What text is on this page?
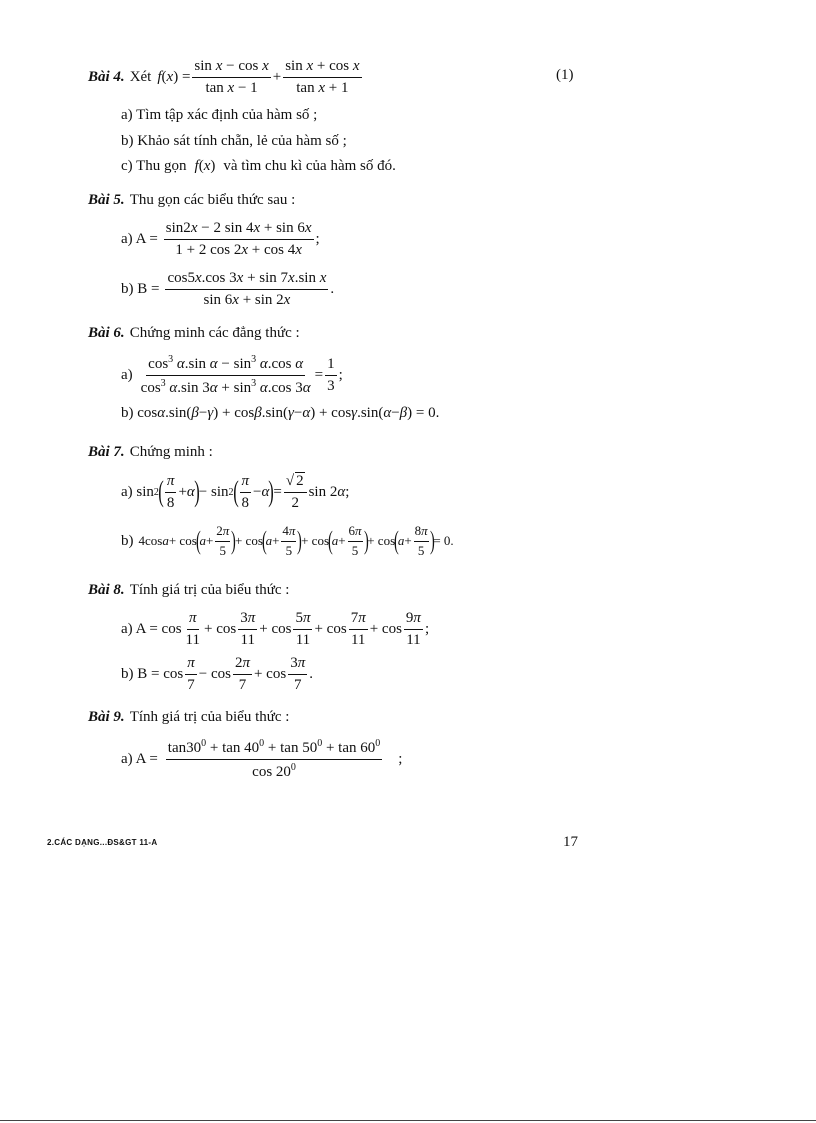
Bài 4. Xét f ( x ) = $\frac{\text{sin x − cos x}}{\text{tan x − 1}} + \frac{\text{sin x + cos x}}{\text{tan x + 1}}$	(1)
a) Tìm tập xác định của hàm số ;
b) Khảo sát tính chẵn, lẻ của hàm số ;
c) Thu gọn f(x) và tìm chu kì của hàm số đó.
Bài 5. Thu gọn các biểu thức sau :
a) $A = \frac{\sin 2x - 2 \sin 4x + \sin 6x}{1 + 2 \cos 2x + \cos 4x}$ ;
b) $B = \frac{\text{cos5x.cos 3x + sin 7x.sin x}}{\sin 6x + \sin 2x}$ .
Bài 6. Chứng minh các đẳng thức :
$a) \frac{\cos^3 \alpha.\sin \alpha - \sin^3 \alpha.\cos \alpha}{\cos^3 \alpha.\sin 3\alpha + \sin^3 \alpha.\cos 3\alpha} = \frac{1}{3}$ ;
b) cos α .sin( β − γ ) + cos β .sin( γ − α ) + cos γ .sin( α − β ) = 0.
Bài 7. Chứng minh :
a) sin 2 ( $\frac{\pi}{8} + \alpha$ ) − sin 2 ( $\frac{\pi}{8} - \alpha$ ) = $\frac{√ 2}{2}$ sin 2 α ;
b) 4cos a + cos
(
$a + \frac{2\pi}{5}$ )
+ cos
(
$a + \frac{4\pi}{5}$ )
+ cos
(
$a + \frac{6\pi}{5}$ )
+ cos
(
$a + \frac{8\pi}{5}$ )
= 0.
Bài 8. Tính giá trị của biểu thức :
a) $A = \cos \frac{\pi}{11} + \cos \frac{3\pi}{11} + \cos \frac{5\pi}{11} + \cos \frac{7\pi}{11} + \cos \frac{9\pi}{11}$ ;
b) $B = \cos \frac{\pi}{7} - \cos \frac{2\pi}{7} + \cos \frac{3\pi}{7}$ .
Bài 9. Tính giá trị của biểu thức :
a) $A = \frac{\tan 30^0 + \tan 40^0 + \tan 50^0 + \tan 60^0}{\cos 20^0}$ ;
2.CÁC DẠNG...ĐS&GT 11-A	17
